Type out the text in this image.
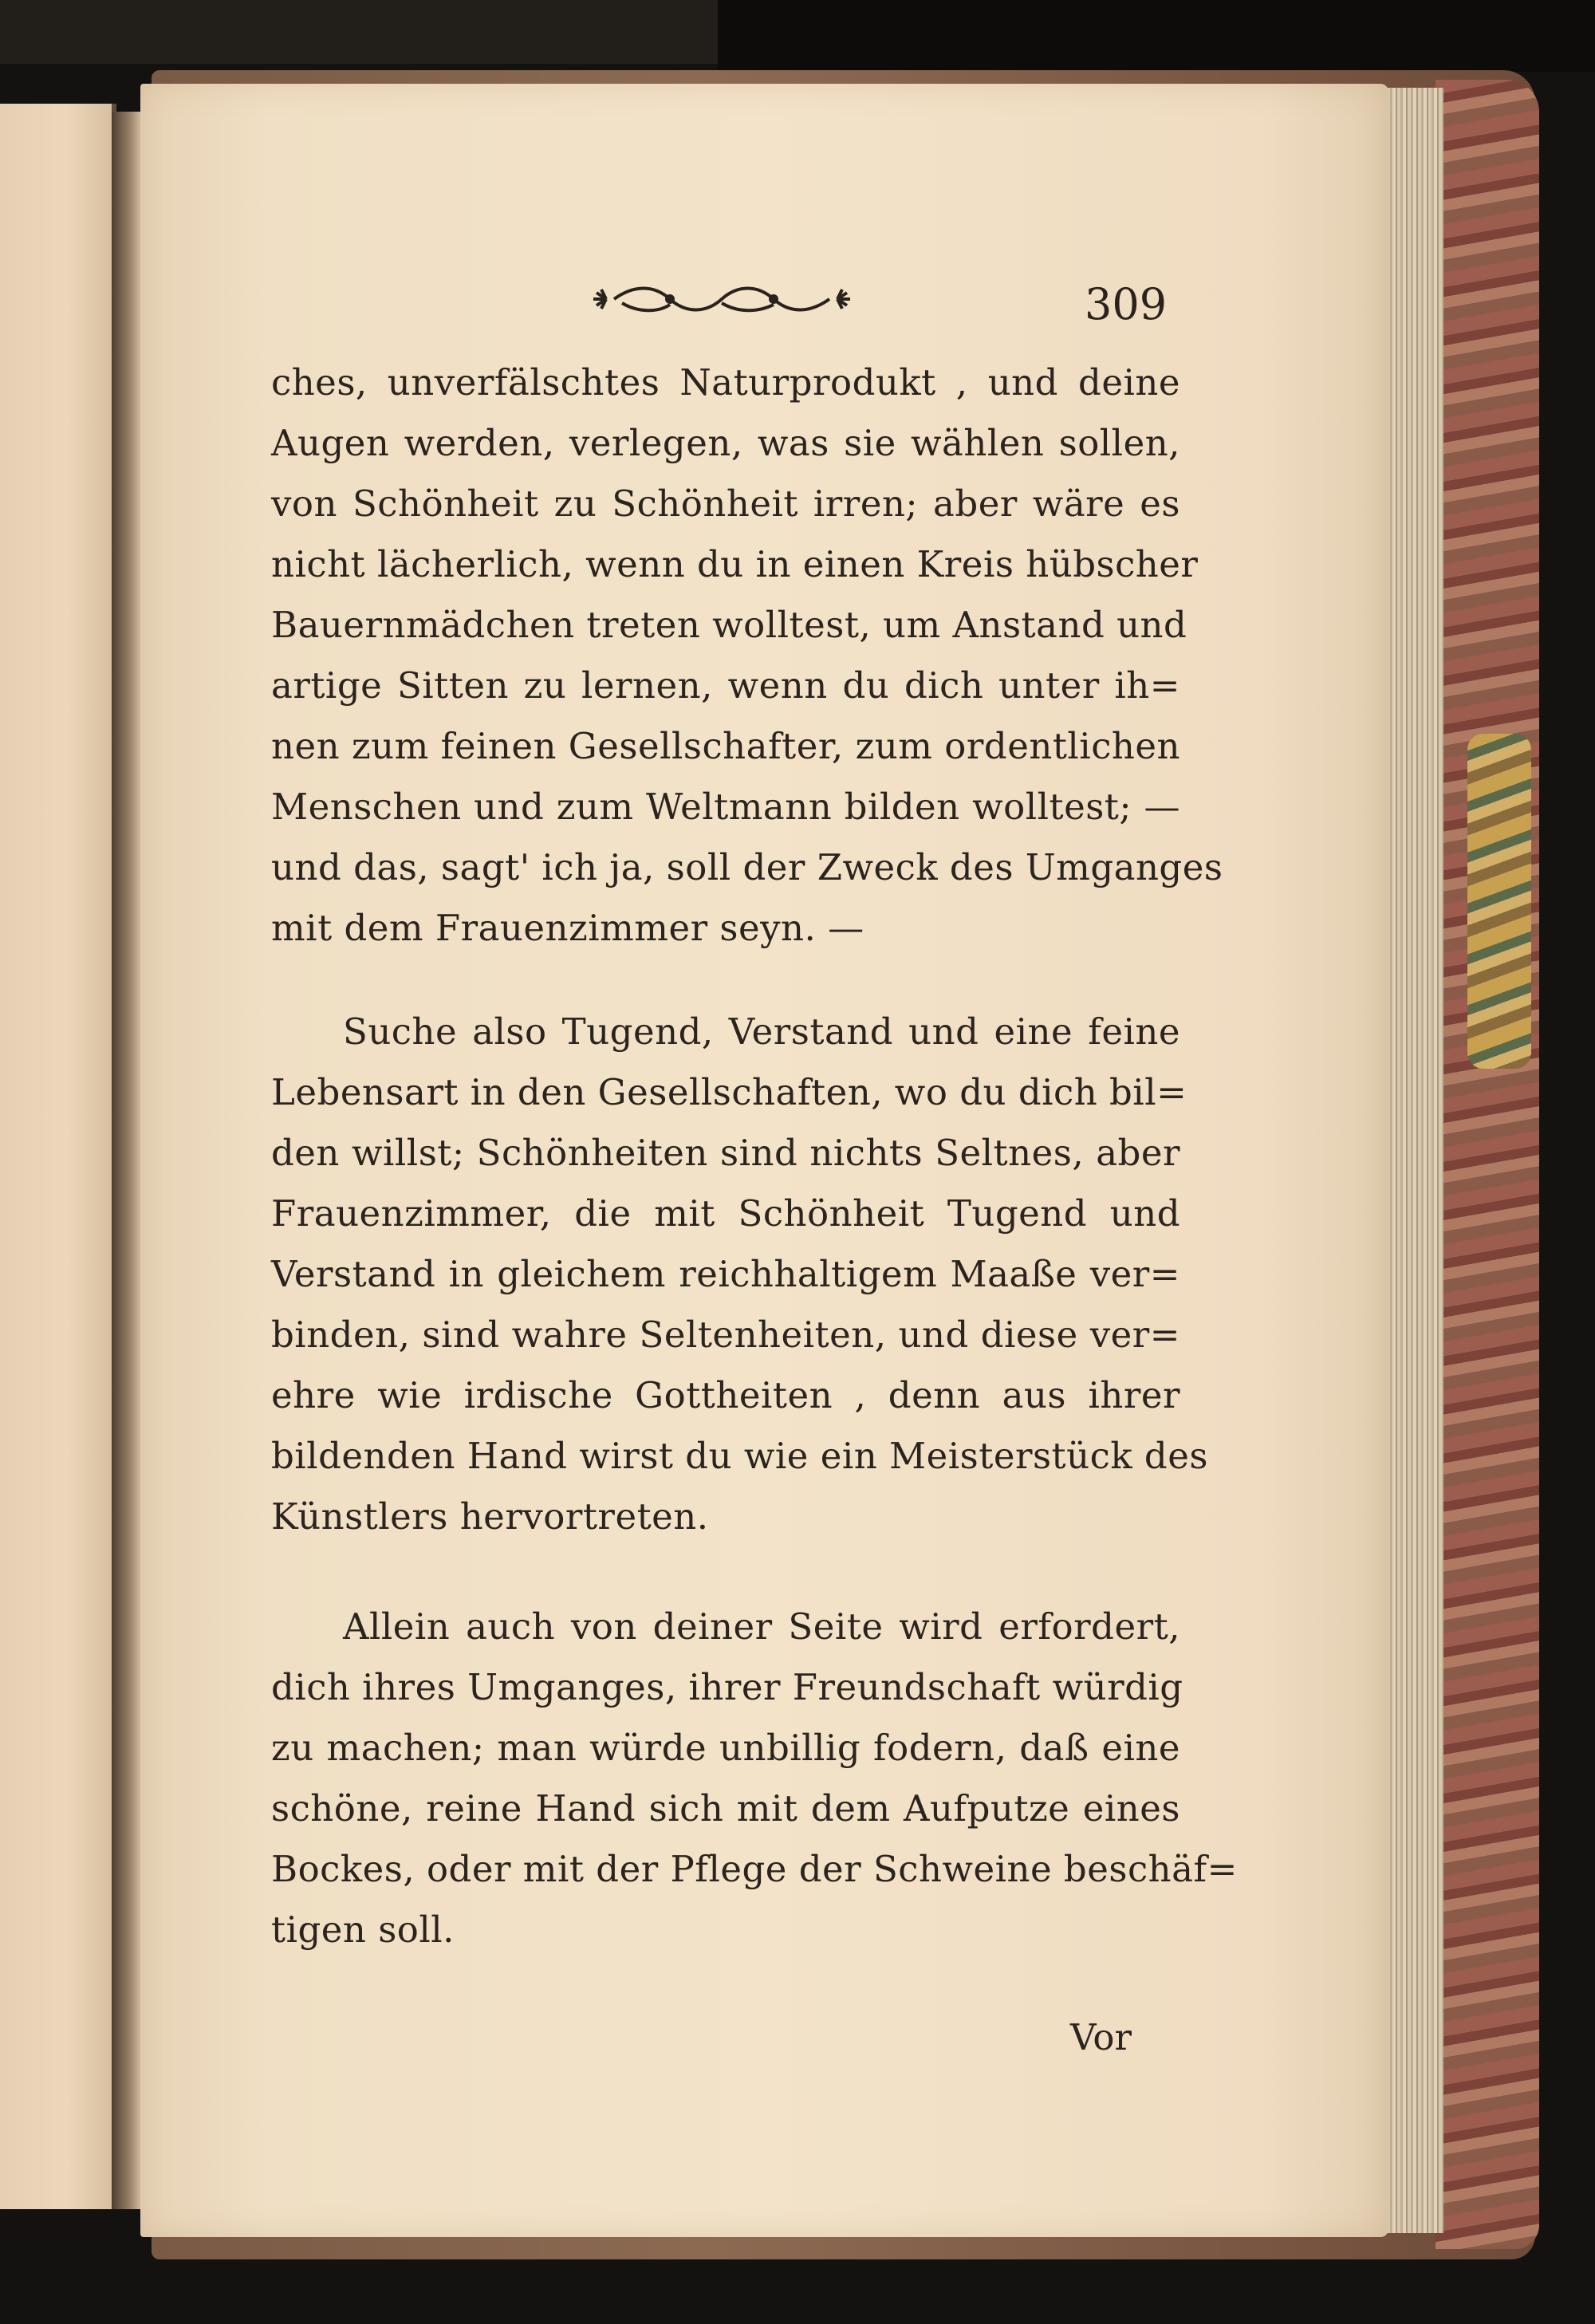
309
ches, unverfälschtes Naturprodukt , und deine
Augen werden, verlegen, was sie wählen sollen,
von Schönheit zu Schönheit irren; aber wäre es
nicht lächerlich, wenn du in einen Kreis hübscher
Bauernmädchen treten wolltest, um Anstand und
artige Sitten zu lernen, wenn du dich unter ih=
nen zum feinen Gesellschafter, zum ordentlichen
Menschen und zum Weltmann bilden wolltest; —
und das, sagt' ich ja, soll der Zweck des Umganges
mit dem Frauenzimmer seyn. —
Suche also Tugend, Verstand und eine feine
Lebensart in den Gesellschaften, wo du dich bil=
den willst; Schönheiten sind nichts Seltnes, aber
Frauenzimmer, die mit Schönheit Tugend und
Verstand in gleichem reichhaltigem Maaße ver=
binden, sind wahre Seltenheiten, und diese ver=
ehre wie irdische Gottheiten , denn aus ihrer
bildenden Hand wirst du wie ein Meisterstück des
Künstlers hervortreten.
Allein auch von deiner Seite wird erfordert,
dich ihres Umganges, ihrer Freundschaft würdig
zu machen; man würde unbillig fodern, daß eine
schöne, reine Hand sich mit dem Aufputze eines
Bockes, oder mit der Pflege der Schweine beschäf=
tigen soll.
Vor
